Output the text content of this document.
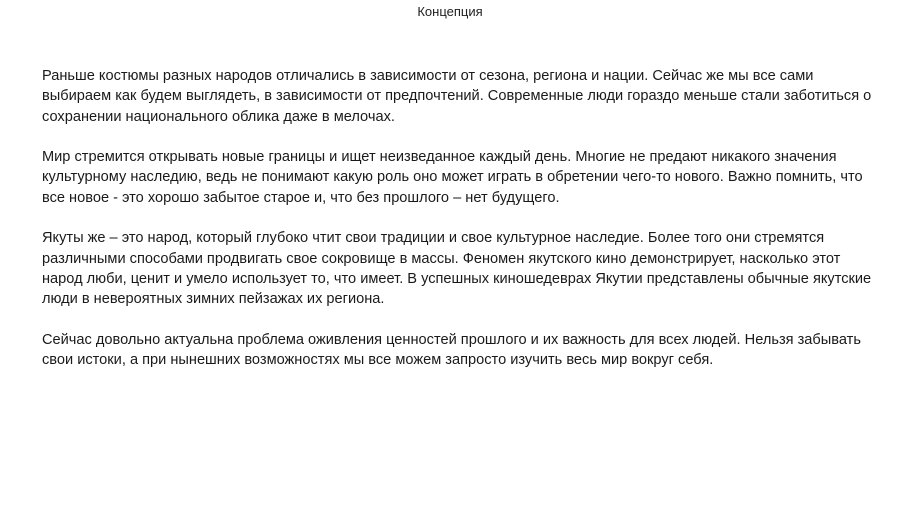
Концепция

Раньше костюмы разных народов отличались в зависимости от сезона, региона и нации. Сейчас же мы все сами выбираем как будем выглядеть, в зависимости от предпочтений. Современные люди гораздо меньше стали заботиться о сохранении национального облика даже в мелочах.

Мир стремится открывать новые границы и ищет неизведанное каждый день. Многие не предают никакого значения культурному наследию, ведь не понимают какую роль оно может играть в обретении чего-то нового. Важно помнить, что все новое - это хорошо забытое старое и, что без прошлого – нет будущего.

Якуты же – это народ, который глубоко чтит свои традиции и свое культурное наследие. Более того они стремятся различными способами продвигать свое сокровище в массы. Феномен якутского кино демонстрирует, насколько этот народ люби, ценит и умело использует то, что имеет. В успешных киношедеврах Якутии представлены обычные якутские люди в невероятных зимних пейзажах их региона.

Сейчас довольно актуальна проблема оживления ценностей прошлого и их важность для всех людей. Нельзя забывать свои истоки, а при нынешних возможностях мы все можем запросто изучить весь мир вокруг себя.
